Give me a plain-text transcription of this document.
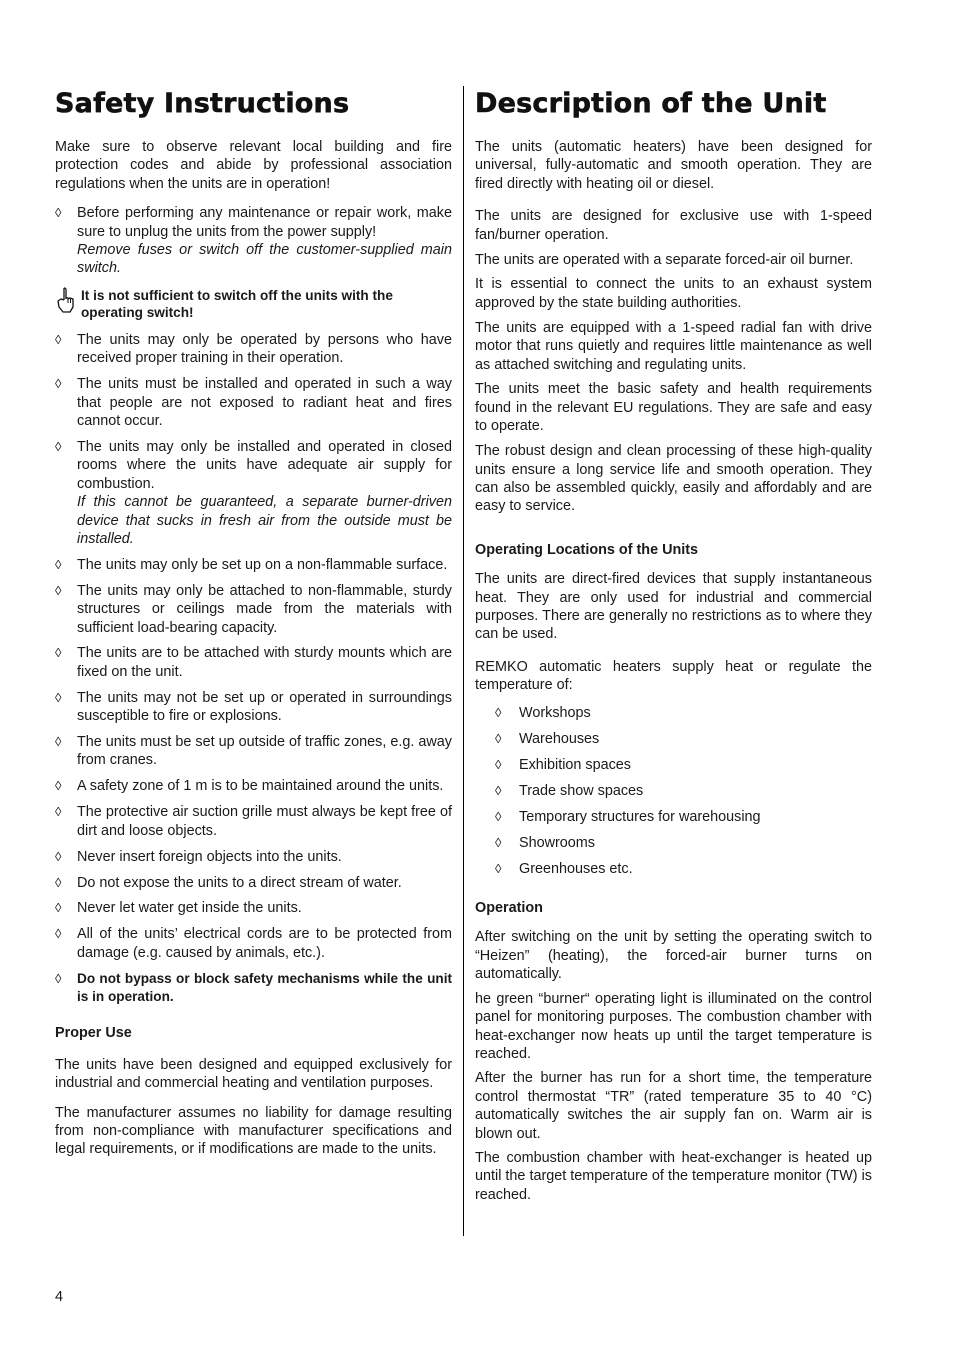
Safety Instructions

Make sure to observe relevant local building and fire protection codes and abide by professional association regulations when the units are in operation!

◊	Before performing any maintenance or repair work, make sure to unplug the units from the power supply!
Remove fuses or switch off the customer-supplied main switch.
It is not sufficient to switch off the units with the operating switch!
◊	The units may only be operated by persons who have received proper training in their operation.
◊	The units must be installed and operated in such a way that people are not exposed to radiant heat and fires cannot occur.
◊	The units may only be installed and operated in closed rooms where the units have adequate air supply for combustion.
If this cannot be guaranteed, a separate burner-driven device that sucks in fresh air from the outside must be installed.
◊	The units may only be set up on a non-flammable surface.
◊	The units may only be attached to non-flammable, sturdy structures or ceilings made from the materials with sufficient load-bearing capacity.
◊	The units are to be attached with sturdy mounts which are fixed on the unit.
◊	The units may not be set up or operated in surroundings susceptible to fire or explosions.
◊	The units must be set up outside of traffic zones, e.g. away from cranes.
◊	A safety zone of 1 m is to be maintained around the units.
◊	The protective air suction grille must always be kept free of dirt and loose objects.
◊	Never insert foreign objects into the units.
◊	Do not expose the units to a direct stream of water.
◊	Never let water get inside the units.
◊	All of the units’ electrical cords are to be protected from damage (e.g. caused by animals, etc.).
◊	Do not bypass or block safety mechanisms while the unit is in operation.
Proper Use

The units have been designed and equipped exclusively for industrial and commercial heating and ventilation purposes.

The manufacturer assumes no liability for damage resulting from non-compliance with manufacturer specifications and legal requirements, or if modifications are made to the units.

Description of the Unit

The units (automatic heaters) have been designed for universal, fully-automatic and smooth operation. They are fired directly with heating oil or diesel.

The units are designed for exclusive use with 1-speed fan/burner operation.

The units are operated with a separate forced-air oil burner.

It is essential to connect the units to an exhaust system approved by the state building authorities.

The units are equipped with a 1-speed radial fan with drive motor that runs quietly and requires little maintenance as well as attached switching and regulating units.

The units meet the basic safety and health requirements found in the relevant EU regulations. They are safe and easy to operate.

The robust design and clean processing of these high-quality units ensure a long service life and smooth operation. They can also be assembled quickly, easily and affordably and are easy to service.

Operating Locations of the Units

The units are direct-fired devices that supply instantaneous heat. They are only used for industrial and commercial purposes. There are generally no restrictions as to where they can be used.

REMKO automatic heaters supply heat or regulate the temperature of:

◊	Workshops
◊	Warehouses
◊	Exhibition spaces
◊	Trade show spaces
◊	Temporary structures for warehousing
◊	Showrooms
◊	Greenhouses etc.
Operation

After switching on the unit by setting the operating switch to “Heizen” (heating), the forced-air burner turns on automatically.

he green “burner“ operating light is illuminated on the control panel for monitoring purposes. The combustion chamber with heat-exchanger now heats up until the target temperature is reached.

After the burner has run for a short time, the temperature control thermostat “TR” (rated temperature 35 to 40 °C) automatically switches the air supply fan on. Warm air is blown out.

The combustion chamber with heat-exchanger is heated up until the target temperature of the temperature monitor (TW) is reached.

4
